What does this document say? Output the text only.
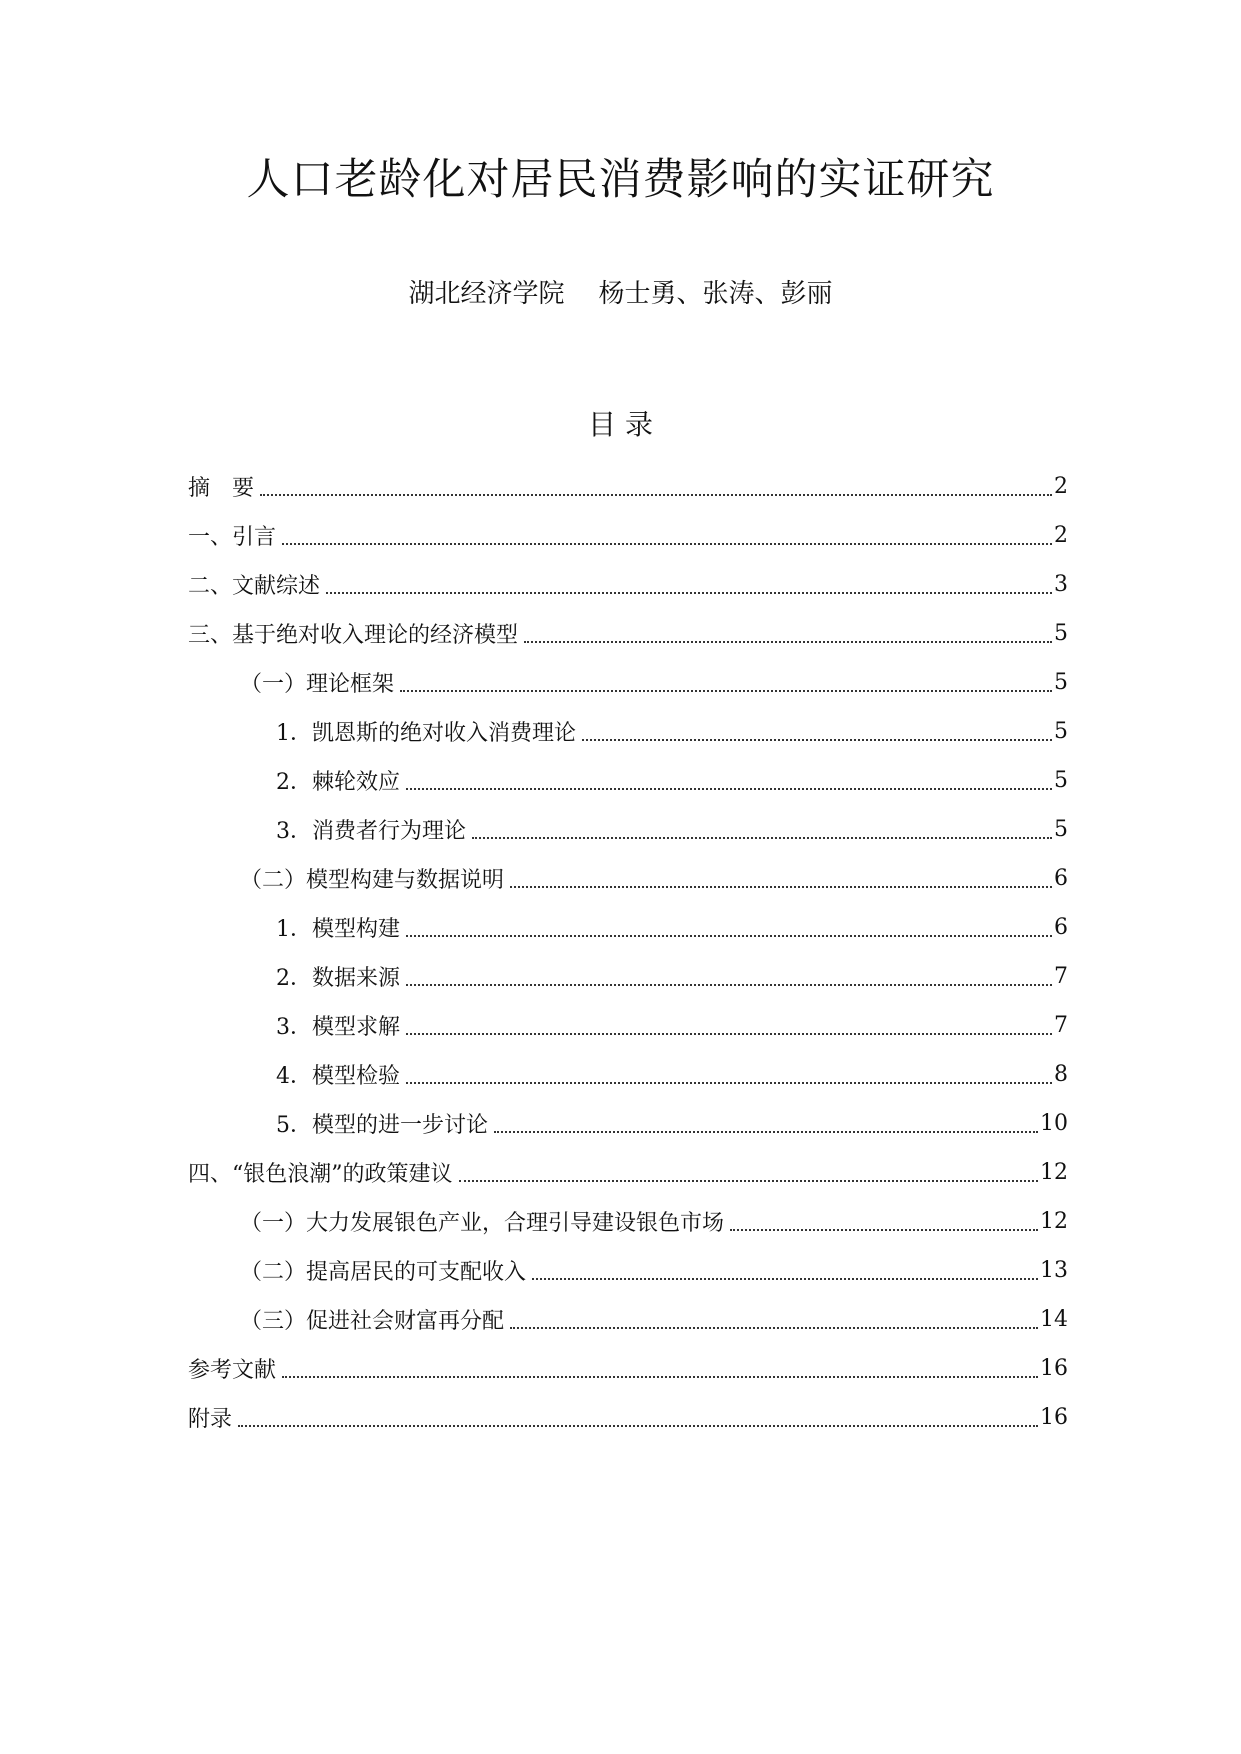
人口老龄化对居民消费影响的实证研究
湖北经济学院 杨士勇、张涛、彭丽
目 录
摘　要	2
一、引言	2
二、文献综述	3
三、基于绝对收入理论的经济模型	5
（一）理论框架	5
1．凯恩斯的绝对收入消费理论	5
2．棘轮效应	5
3．消费者行为理论	5
（二）模型构建与数据说明	6
1．模型构建	6
2．数据来源	7
3．模型求解	7
4．模型检验	8
5．模型的进一步讨论	10
四、“银色浪潮”的政策建议	12
（一）大力发展银色产业，合理引导建设银色市场	12
（二）提高居民的可支配收入	13
（三）促进社会财富再分配	14
参考文献	16
附录	16
